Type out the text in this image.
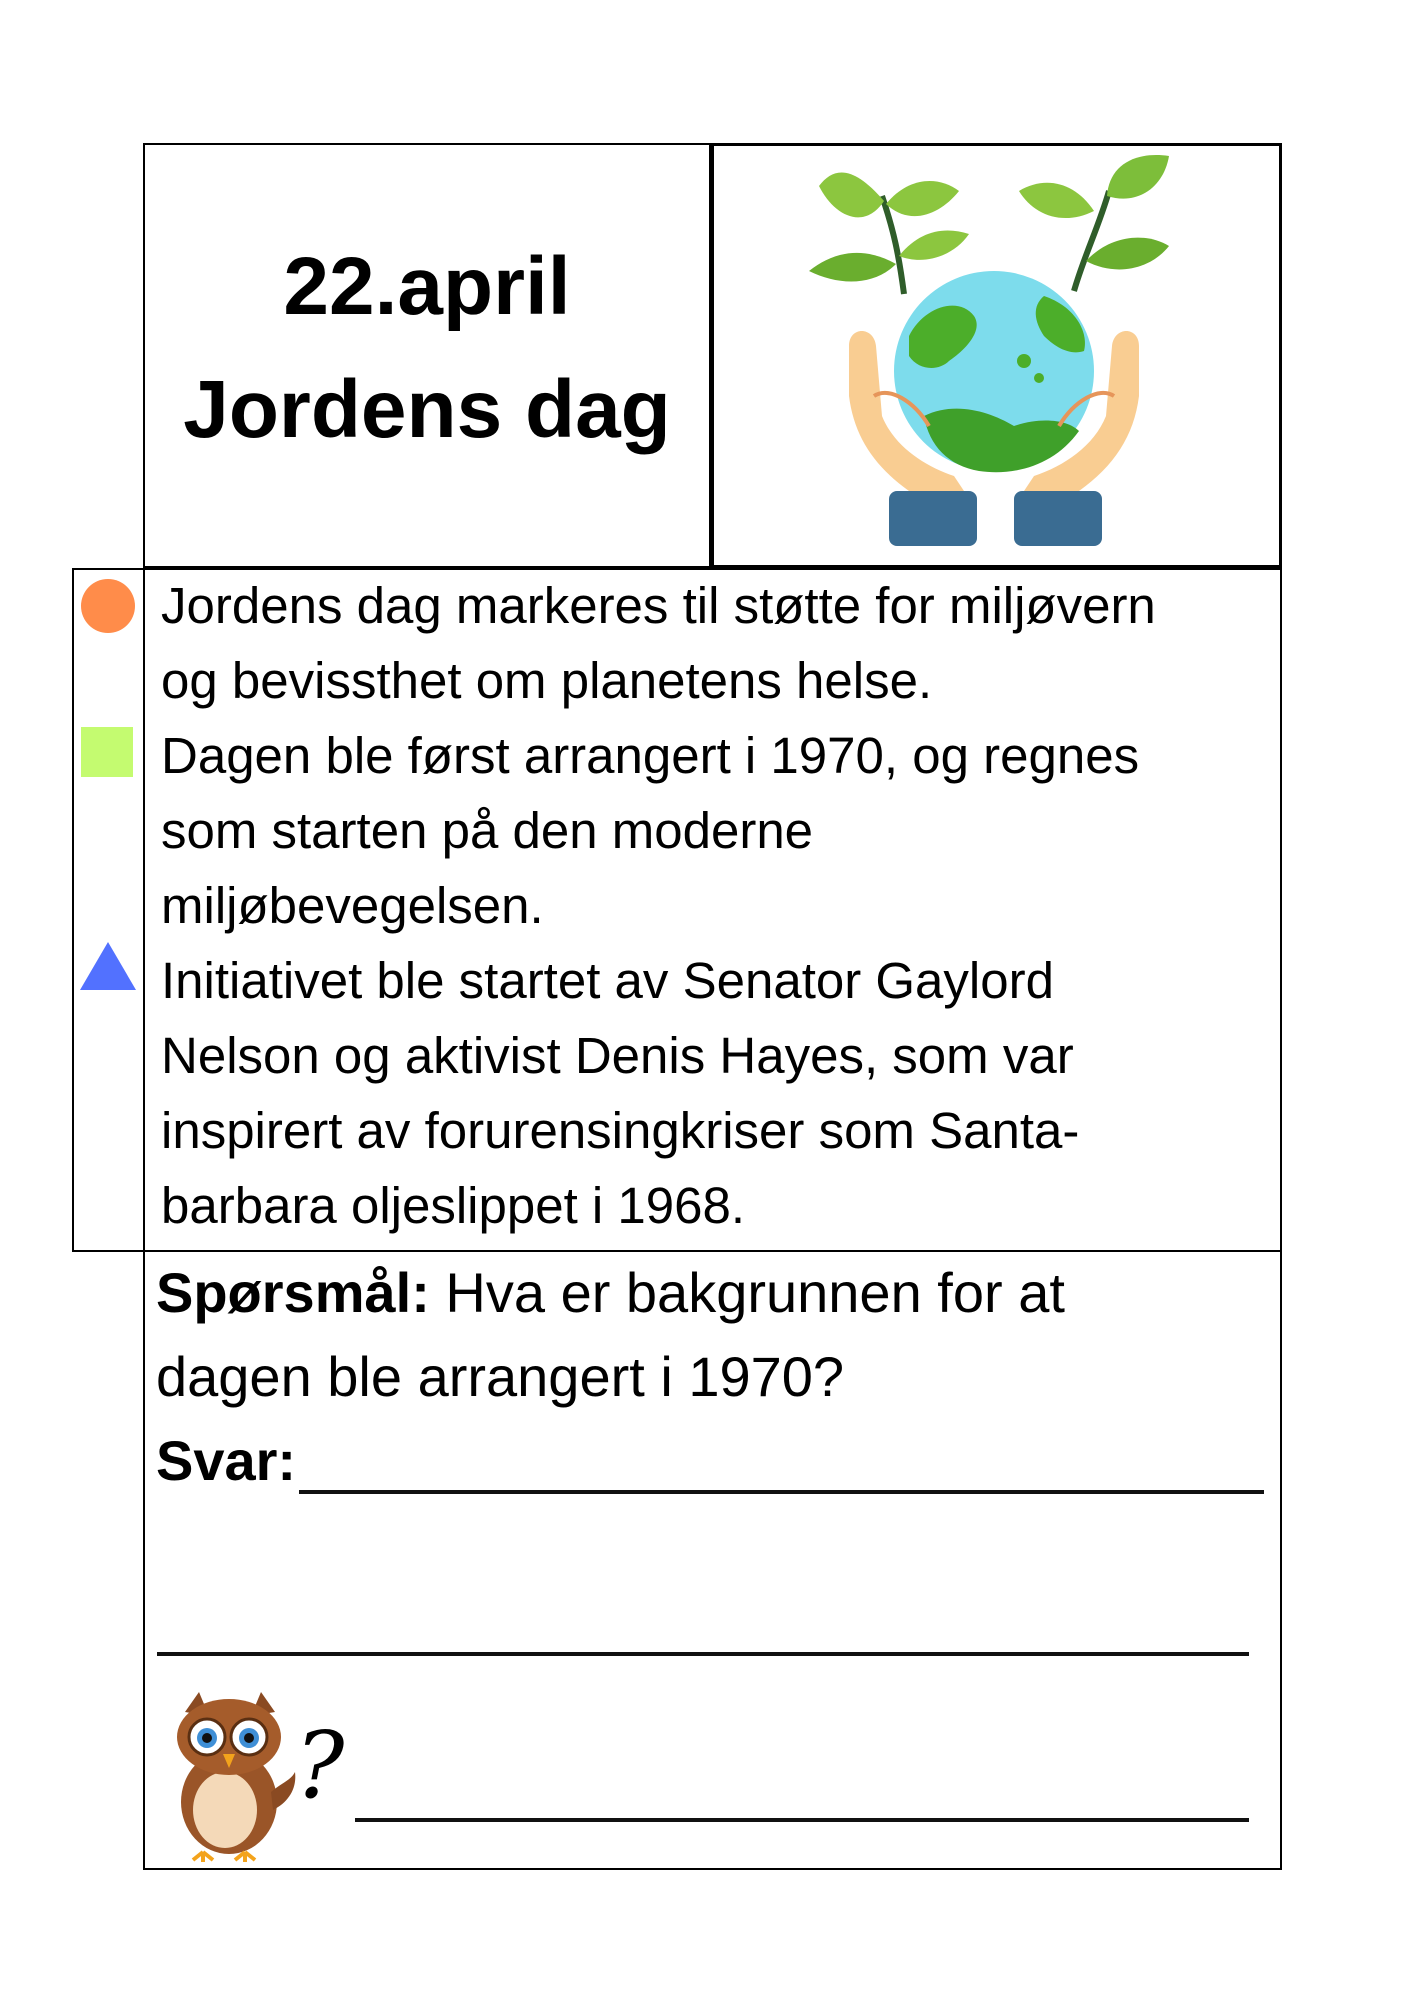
22.april
Jordens dag
Jordens dag markeres til støtte for miljøvern
og bevissthet om planetens helse.
Dagen ble først arrangert i 1970, og regnes
som starten på den moderne
miljøbevegelsen.
Initiativet ble startet av Senator Gaylord
Nelson og aktivist Denis Hayes, som var
inspirert av forurensingkriser som Santa-
barbara oljeslippet i 1968.
Spørsmål: Hva er bakgrunnen for at
dagen ble arrangert i 1970?
Svar:
?
